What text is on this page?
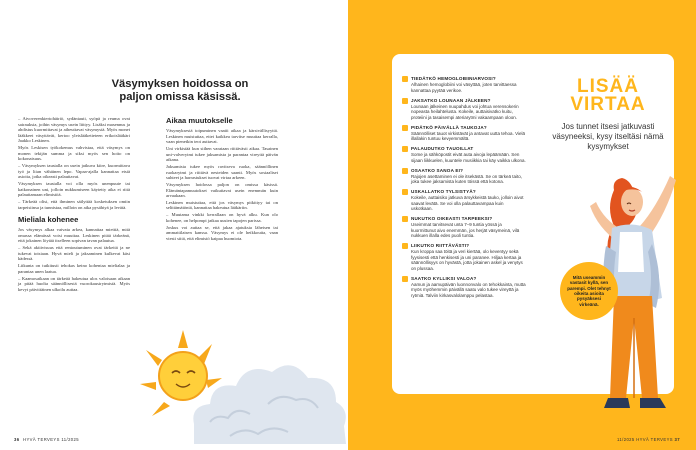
Väsymyksen hoidossa on paljon omissa käsissä.

– Aivoverenkiertohäiriö, sydäntauti, syöpä ja reuma ovat sairauksia, joihin väsymys usein liittyy. Lisäksi masennus ja ahdistus kuormittavat ja aiheuttavat väsymystä. Myös monet lääkkeet väsyttävät, kertoo yleislääketieteen erikoislääkäri Jaakko Leskinen.

Myös Leskisen työkokemus vahvistaa, että väsymys on monen tekijän summa ja siksi myös sen hoito on kokonaisuus.

– Väsymyksen taustalla on usein jatkuva kiire, kuormittava työ ja liian vähäinen lepo. Vapaa-ajalla kannattaa etsiä asioita, jotka oikeasti palauttavat.

Väsymyksen taustalla voi olla myös unenpuute tai katkonainen uni, jolloin nukkumiseen käytetty aika ei riitä palauttamaan elimistöä.

– Tärkeää olisi, että ihminen säilyttää kosketuksen omiin tarpeisiinsa ja tunnistaa, milloin on aika pysähtyä ja levätä.

Mieliala kohenee

Jos väsymys alkaa vaivata arkea, kannattaa miettiä, mitä omassa elämässä voisi muuttaa. Leskinen pitää tärkeänä, että jokainen löytää itselleen sopivan tavan palautua.

– Sekä aktiivisuus että rentoutuminen ovat tärkeitä ja ne tukevat toisiaan. Hyvä mieli ja jaksaminen kulkevat käsi kädessä.

Liikunta on tutkitusti tehokas keino kohentaa mielialaa ja parantaa unen laatua.

– Kaamosaikaan on tärkeää hakeutua ulos valoisaan aikaan ja pitää huolta säännöllisestä vuorokausirytmistä. Myös kevyt päivittäinen ulkoilu auttaa.

Aikaa muutokselle

Väsymyksestä toipuminen vaatii aikaa ja kärsivällisyyttä. Leskinen muistuttaa, ettei kaikkea tarvitse muuttaa kerralla, vaan pienetkin teot auttavat.

Uni virkistää kun siihen varataan riittävästi aikaa. Tasainen uni-valverytmi tukee jaksamista ja parantaa vireyttä päivän aikana.

Jaksamista tukee myös ravitseva ruoka, säännöllinen ruokarytmi ja riittävä nesteiden saanti. Myös sosiaaliset suhteet ja harrastukset tuovat virtaa arkeen.

Väsymyksen hoidossa paljon on omissa käsissä. Elämäntapamuutokset vaikuttavat usein enemmän kuin arvaakaan.

Leskinen muistuttaa, että jos väsymys pitkittyy tai on selittämätöntä, kannattaa hakeutua lääkäriin.

– Muutama vinkki kerrallaan on hyvä alku. Kun olo kohenee, on helpompi jatkaa uusien tapojen parissa.

Joskus voi auttaa se, että jakaa ajatuksia läheisen tai ammattilaisen kanssa. Väsymys ei ole heikkoutta, vaan viesti siitä, että elimistö kaipaa huomiota.

36 HYVÄ TERVEYS 11/2025
TIEDÄTKÖ HEMOGLOBIINIARVOSI?
Alhainen hemoglobiini voi väsyttää, joten tarvittaessa kannattaa pyytää verikoe.
JAKSATKO LOUNAAN JÄLKEEN?
Lounaan jälkeinen nuupahdus voi johtua verensokerin nopeasta heilahtelusta. Kokeile, auttaisivatko kuitu, proteiini ja tasaisempi ateriarytmi vakaampaan oloon.
PIDÄTKÖ PÄIVÄLLÄ TAUKOJA?
Säännölliset tauot virkistävät ja antavat uutta tehoa. Vielä illallakin tuntuu kevyemmältä.
PALAUDUTKO TAUOILLAT
Some ja sähköpostit eivät auta aivoja lepäämään. Sen sijaan liikkuelen, kuuntele musiikkia tai käy vaikka ulkona.
OSAATKO SANOA EI?
Rajojen asettaminen ei ole itsekästä. Se on tärkeä taito, joka tukee jaksamista kuten töissä että kotona.
USKALLATKO TYLSISTYÄ?
Kokeile, auttaisiko jatkuva ärsykkeistä tauko, jolloin aivot saavat levätä. Se voi olla palauttavampaa kuin uskotkaan.
NUKUTKO OIKEASTI TARPEEKSI?
Useimmat tarvitsevat unta 7–9 tuntia yössä ja kuormittunut aivo enemmän, jos herjät väsymeinä, vilä nukkuen illalla edes puoli tuntia.
LIIKUTKO RIITTÄVÄSTI?
Kun kroppa saa töitä ja veri kiertää, olo keventyy sekä fyysisesti että henkisesti ja uni paranee. Hiljaa kertaa ja säännöllisyys on hyvästä, jotta jokainen askel ja venytys on plussaa.
SAATKO KYLLIKSI VALOA?
Aamun ja aamupäivän luonnonvalo on tehokkainta, mutta myös myöhemmin päivällä saatu valo tukee vireyttä ja rytmiä. Talviin kirkasvalolamppu pelastaa.
LISÄÄ
VIRTAA
Jos tunnet itsesi jatkuvasti väsyneeksi, kysy itseltäsi nämä kysymykset
Mitä useammin vastasit kyllä, sen parempi. Olet tehnyt oikeita asioita pysyäksesi virkeänä.
11/2025 HYVÄ TERVEYS 37
